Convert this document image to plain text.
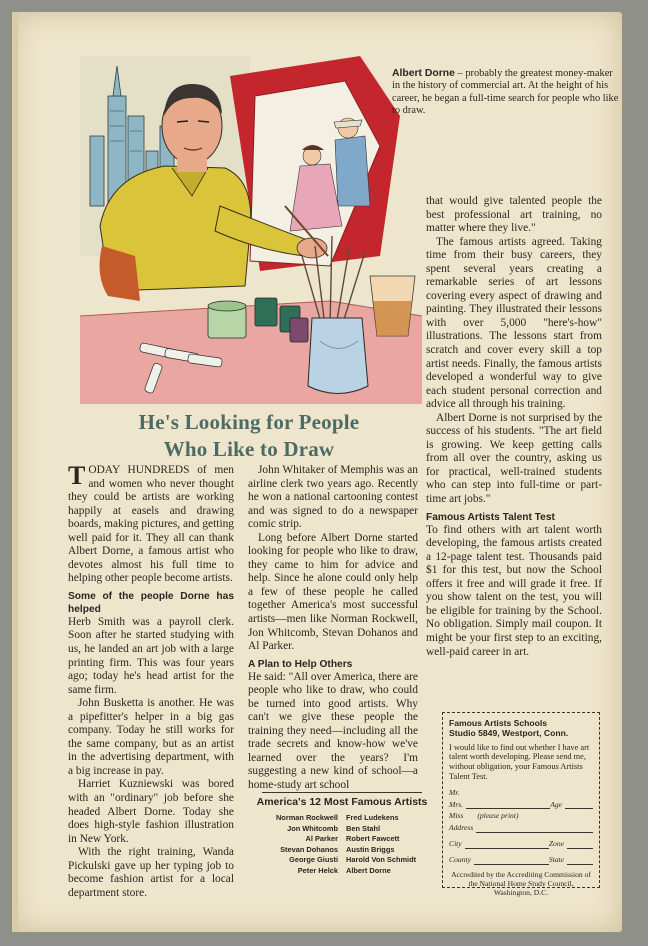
Albert Dorne – probably the greatest money-maker in the history of commercial art. At the height of his career, he began a full-time search for people who like to draw.
He's Looking for People
Who Like to Draw

TODAY HUNDREDS of men and women who never thought they could be artists are working happily at easels and drawing boards, making pictures, and getting well paid for it. They all can thank Albert Dorne, a famous artist who devotes almost his full time to helping other people become artists.

Some of the people Dorne has helped

Herb Smith was a payroll clerk. Soon after he started studying with us, he landed an art job with a large printing firm. This was four years ago; today he's head artist for the same firm.

John Busketta is another. He was a pipefitter's helper in a big gas company. Today he still works for the same company, but as an artist in the advertising department, with a big increase in pay.

Harriet Kuzniewski was bored with an "ordinary" job before she headed Albert Dorne. Today she does high-style fashion illustration in New York.

With the right training, Wanda Pickulski gave up her typing job to become fashion artist for a local department store.

John Whitaker of Memphis was an airline clerk two years ago. Recently he won a national cartooning contest and was signed to do a newspaper comic strip.

Long before Albert Dorne started looking for people who like to draw, they came to him for advice and help. Since he alone could only help a few of these people he called together America's most successful artists—men like Norman Rockwell, Jon Whitcomb, Stevan Dohanos and Al Parker.

A Plan to Help Others

He said: "All over America, there are people who like to draw, who could be turned into good artists. Why can't we give these people the training they need—including all the trade secrets and know-how we've learned over the years? I'm suggesting a new kind of school—a home-study art school

America's 12 Most Famous Artists
Norman Rockwell Fred Ludekens
Jon Whitcomb Ben Stahl
Al Parker Robert Fawcett
Stevan Dohanos Austin Briggs
George Giusti Harold Von Schmidt
Peter Helck Albert Dorne

that would give talented people the best professional art training, no matter where they live."

The famous artists agreed. Taking time from their busy careers, they spent several years creating a remarkable series of art lessons covering every aspect of drawing and painting. They illustrated their lessons with over 5,000 "here's-how" illustrations. The lessons start from scratch and cover every skill a top artist needs. Finally, the famous artists developed a wonderful way to give each student personal correction and advice all through his training.

Albert Dorne is not surprised by the success of his students. "The art field is growing. We keep getting calls from all over the country, asking us for practical, well-trained students who can step into full-time or part-time art jobs."

Famous Artists Talent Test

To find others with art talent worth developing, the famous artists created a 12-page talent test. Thousands paid $1 for this test, but now the School offers it free and will grade it free. If you show talent on the test, you will be eligible for training by the School. No obligation. Simply mail coupon. It might be your first step to an exciting, well-paid career in art.

Famous Artists Schools
Studio 5849, Westport, Conn.
I would like to find out whether I have art talent worth developing. Please send me, without obligation, your Famous Artists Talent Test.
Mr.
Mrs.	Age
Miss (please print)
Address
City	Zone
County	State
Accredited by the Accrediting Commission of the National Home Study Council, Washington, D.C.
